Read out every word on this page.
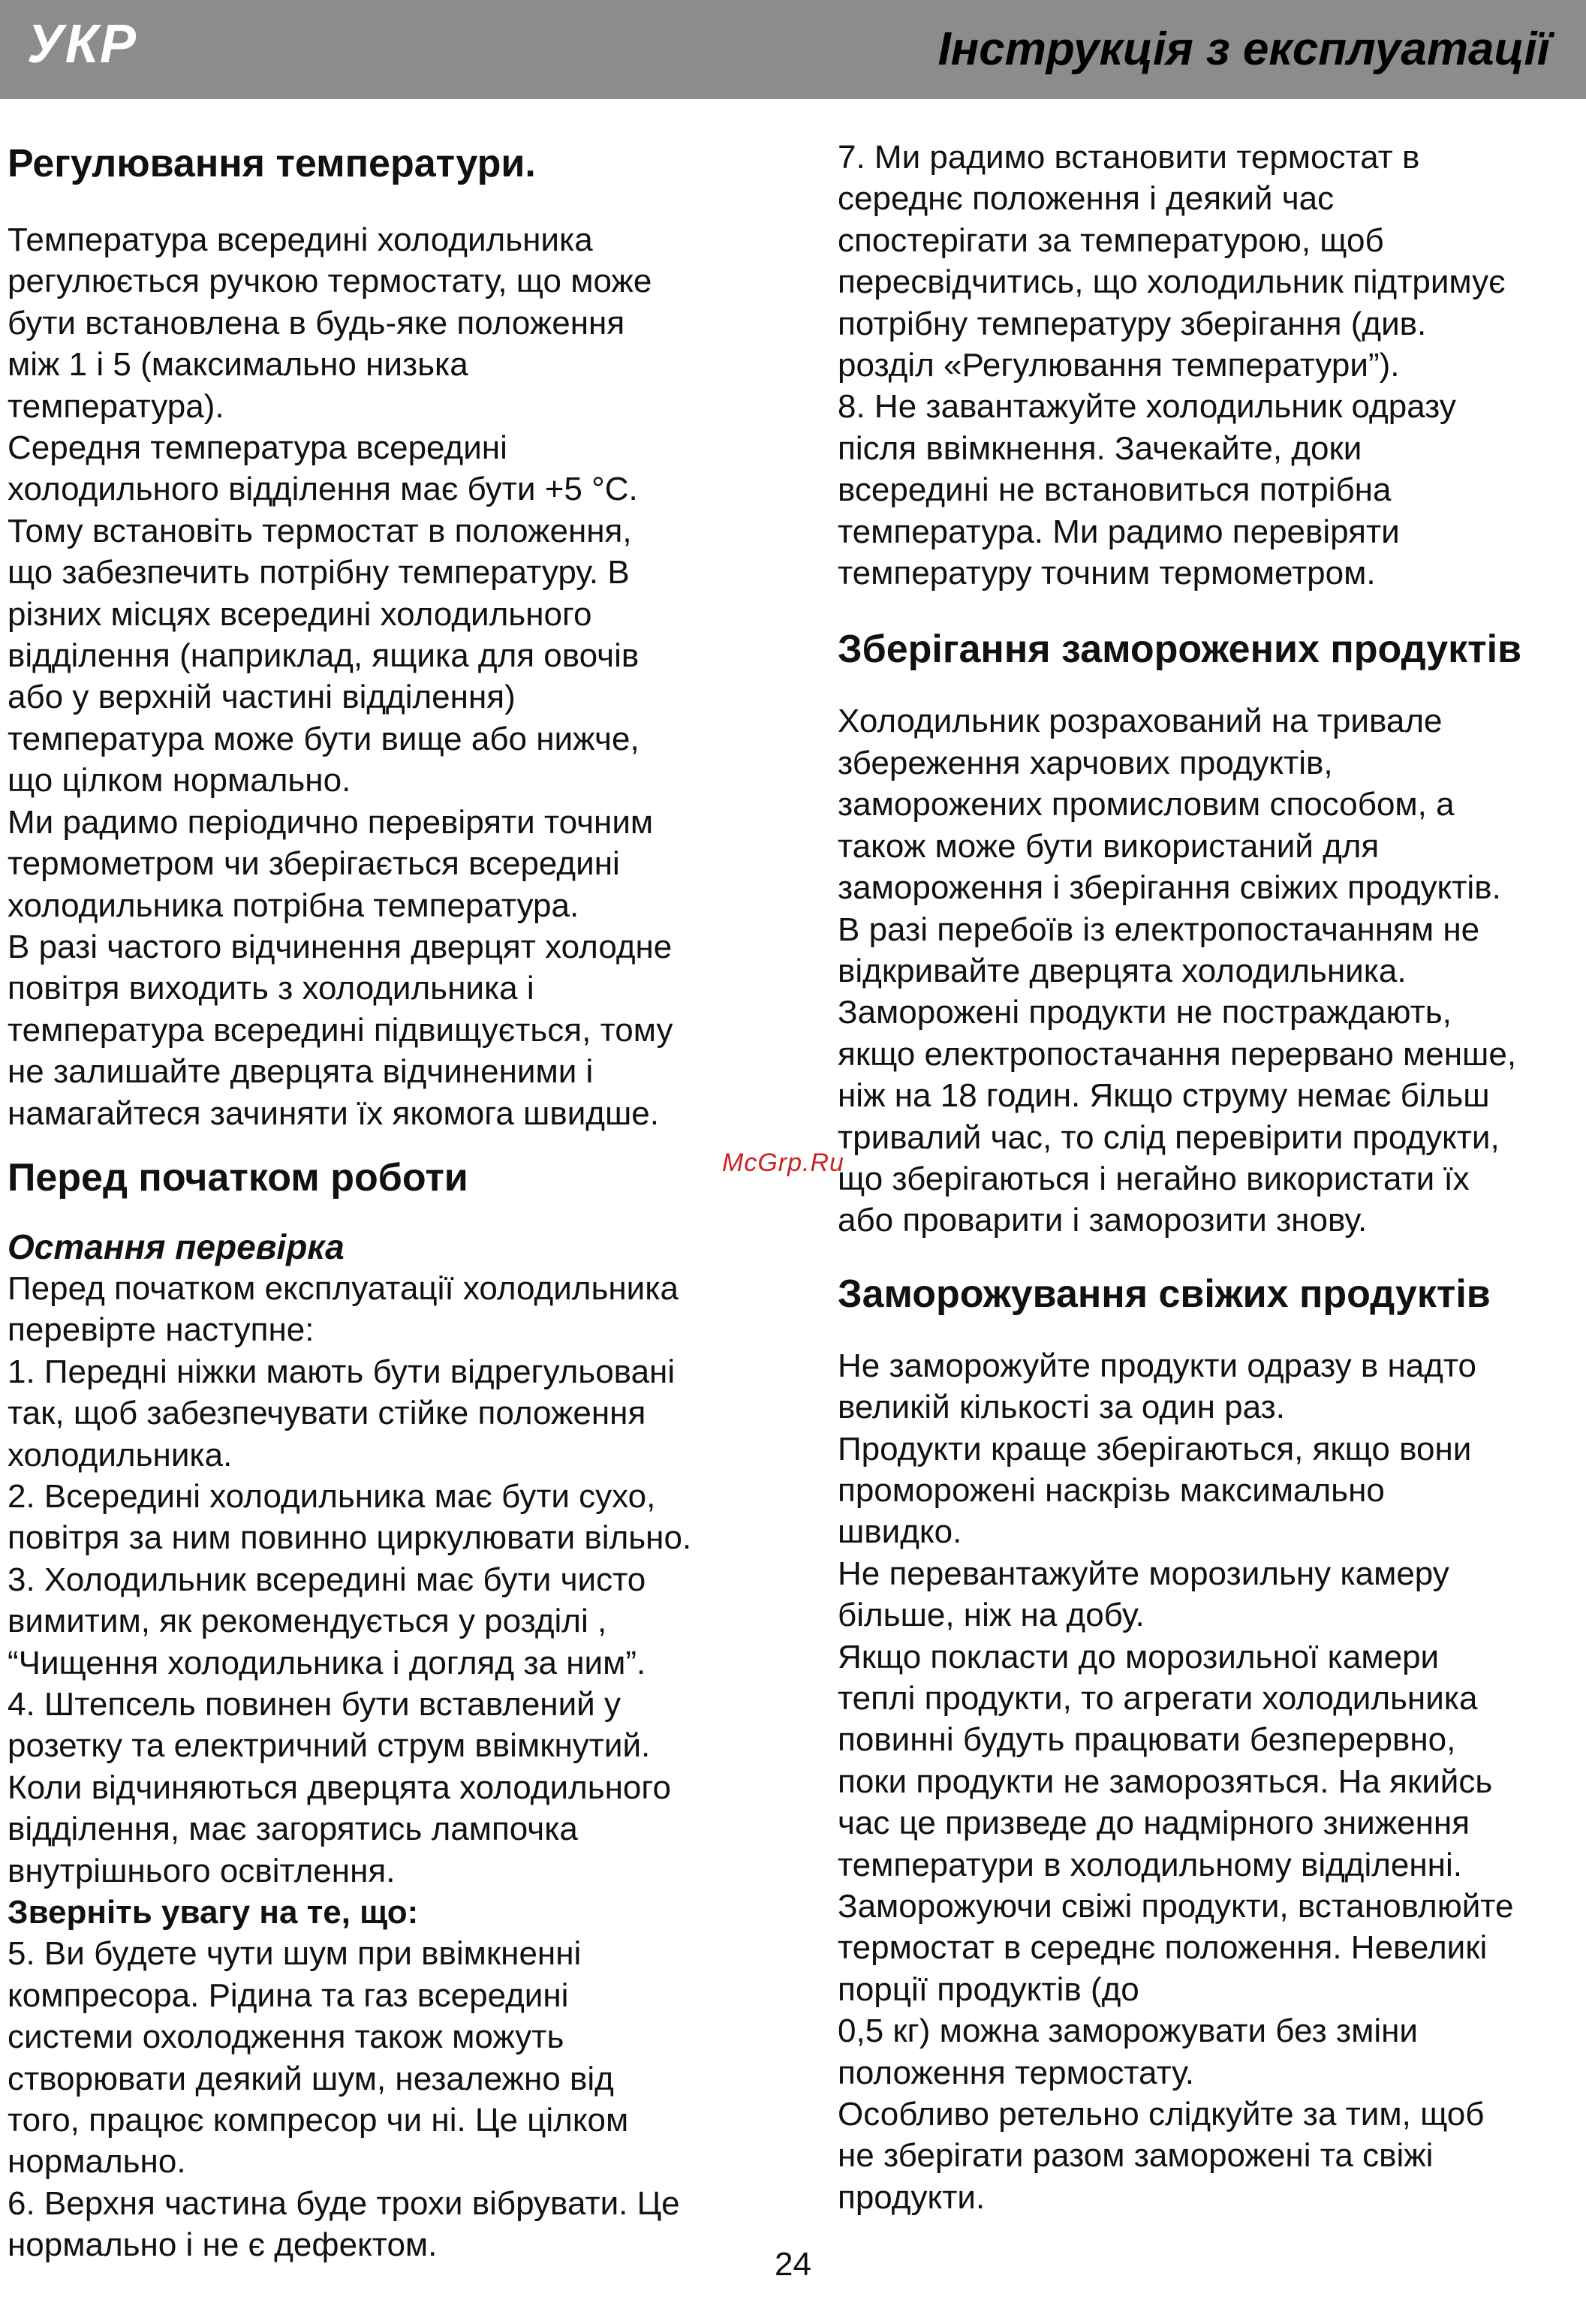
УКР	Інструкція з експлуатації
Регулювання температури.

Температура всередині холодильника
регулюється ручкою термостату, що може
бути встановлена в будь-яке положення
між 1 і 5 (максимально низька
температура).
Середня температура всередині
холодильного відділення має бути +5 °C.
Тому встановіть термостат в положення,
що забезпечить потрібну температуру. В
різних місцях всередині холодильного
відділення (наприклад, ящика для овочів
або у верхній частині відділення)
температура може бути вище або нижче,
що цілком нормально.
Ми радимо періодично перевіряти точним
термометром чи зберігається всередині
холодильника потрібна температура.
В разі частого відчинення дверцят холодне
повітря виходить з холодильника і
температура всередині підвищується, тому
не залишайте дверцята відчиненими і
намагайтеся зачиняти їх якомога швидше.

Перед початком роботи
Остання перевірка

Перед початком експлуатації холодильника
перевірте наступне:
1. Передні ніжки мають бути відрегульовані
так, щоб забезпечувати стійке положення
холодильника.
2. Всередині холодильника має бути сухо,
повітря за ним повинно циркулювати вільно.
3. Холодильник всередині має бути чисто
вимитим, як рекомендується у розділі ,
“Чищення холодильника і догляд за ним”.
4. Штепсель повинен бути вставлений у
розетку та електричний струм ввімкнутий.
Коли відчиняються дверцята холодильного
відділення, має загорятись лампочка
внутрішнього освітлення.

Зверніть увагу на те, що:

5. Ви будете чути шум при ввімкненні
компресора. Рідина та газ всередині
системи охолодження також можуть
створювати деякий шум, незалежно від
того, працює компресор чи ні. Це цілком
нормально.
6. Верхня частина буде трохи вібрувати. Це
нормально і не є дефектом.

7. Ми радимо встановити термостат в
середнє положення і деякий час
спостерігати за температурою, щоб
пересвідчитись, що холодильник підтримує
потрібну температуру зберігання (див.
розділ «Регулювання температури”).
8. Не завантажуйте холодильник одразу
після ввімкнення. Зачекайте, доки
всередині не встановиться потрібна
температура. Ми радимо перевіряти
температуру точним термометром.

Зберігання заморожених продуктів

Холодильник розрахований на тривале
збереження харчових продуктів,
заморожених промисловим способом, а
також може бути використаний для
замороження і зберігання свіжих продуктів.
В разі перебоїв із електропостачанням не
відкривайте дверцята холодильника.
Заморожені продукти не постраждають,
якщо електропостачання перервано менше,
ніж на 18 годин. Якщо струму немає більш
тривалий час, то слід перевірити продукти,
що зберігаються і негайно використати їх
або проварити і заморозити знову.

Заморожування свіжих продуктів

Не заморожуйте продукти одразу в надто
великій кількості за один раз.
Продукти краще зберігаються, якщо вони
проморожені наскрізь максимально
швидко.
Не перевантажуйте морозильну камеру
більше, ніж на добу.
Якщо покласти до морозильної камери
теплі продукти, то агрегати холодильника
повинні будуть працювати безперервно,
поки продукти не заморозяться. На якийсь
час це призведе до надмірного зниження
температури в холодильному відділенні.
Заморожуючи свіжі продукти, встановлюйте
термостат в середнє положення. Невеликі
порції продуктів (до
0,5 кг) можна заморожувати без зміни
положення термостату.
Особливо ретельно слідкуйте за тим, щоб
не зберігати разом заморожені та свіжі
продукти.

McGrp.Ru
24
